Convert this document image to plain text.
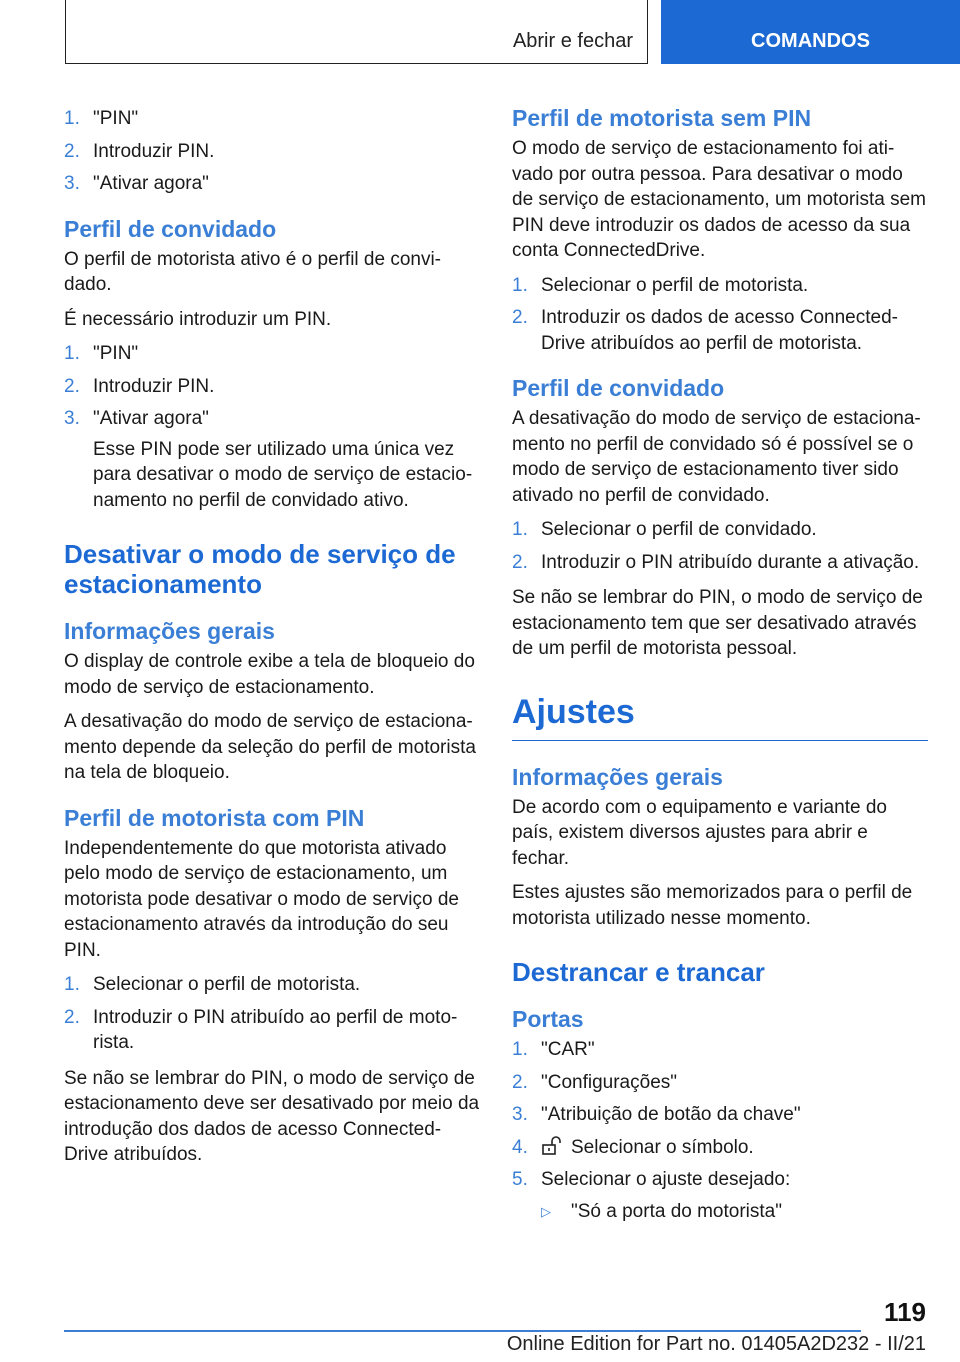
Abrir e fechar	COMANDOS
1. "PIN"
2. Introduzir PIN.
3. "Ativar agora"
Perfil de convidado

O perfil de motorista ativo é o perfil de convi-dado.

É necessário introduzir um PIN.

1. "PIN"
2. Introduzir PIN.
3. "Ativar agora"
Esse PIN pode ser utilizado uma única vez para desativar o modo de serviço de estacio-namento no perfil de convidado ativo.
Desativar o modo de serviço de estacionamento
Informações gerais

O display de controle exibe a tela de bloqueio do modo de serviço de estacionamento.

A desativação do modo de serviço de estaciona-mento depende da seleção do perfil de motorista na tela de bloqueio.

Perfil de motorista com PIN

Independentemente do que motorista ativado pelo modo de serviço de estacionamento, um motorista pode desativar o modo de serviço de estacionamento através da introdução do seu PIN.

1. Selecionar o perfil de motorista.
2. Introduzir o PIN atribuído ao perfil de moto-rista.

Se não se lembrar do PIN, o modo de serviço de estacionamento deve ser desativado por meio da introdução dos dados de acesso Connected-Drive atribuídos.

Perfil de motorista sem PIN

O modo de serviço de estacionamento foi ati-vado por outra pessoa. Para desativar o modo de serviço de estacionamento, um motorista sem PIN deve introduzir os dados de acesso da sua conta ConnectedDrive.

1. Selecionar o perfil de motorista.
2. Introduzir os dados de acesso Connected-Drive atribuídos ao perfil de motorista.
Perfil de convidado

A desativação do modo de serviço de estaciona-mento no perfil de convidado só é possível se o modo de serviço de estacionamento tiver sido ativado no perfil de convidado.

1. Selecionar o perfil de convidado.
2. Introduzir o PIN atribuído durante a ativação.

Se não se lembrar do PIN, o modo de serviço de estacionamento tem que ser desativado através de um perfil de motorista pessoal.

Ajustes
Informações gerais

De acordo com o equipamento e variante do país, existem diversos ajustes para abrir e fechar.

Estes ajustes são memorizados para o perfil de motorista utilizado nesse momento.

Destrancar e trancar
Portas
1. "CAR"
2. "Configurações"
3. "Atribuição de botão da chave"
4. Selecionar o símbolo.
5. Selecionar o ajuste desejado:
▷ "Só a porta do motorista"
119
Online Edition for Part no. 01405A2D232 - II/21
